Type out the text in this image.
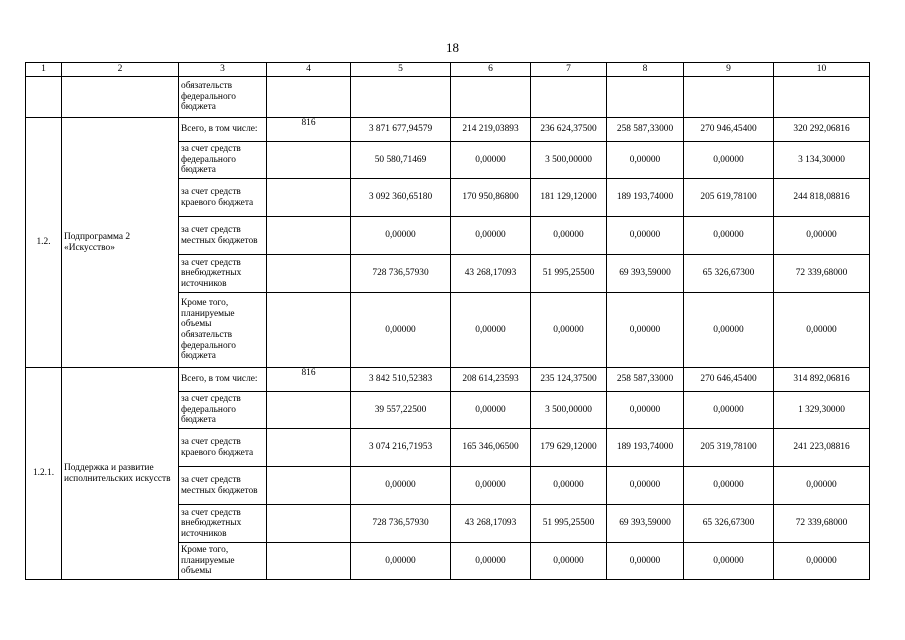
18
1	2	3	4	5	6	7	8	9	10
		обязательств федерального бюджета							
1.2.	Подпрограмма 2 «Искусство»	Всего, в том числе:	816	3 871 677,94579	214 219,03893	236 624,37500	258 587,33000	270 946,45400	320 292,06816
		за счет средств федерального бюджета		50 580,71469	0,00000	3 500,00000	0,00000	0,00000	3 134,30000
		за счет средств краевого бюджета		3 092 360,65180	170 950,86800	181 129,12000	189 193,74000	205 619,78100	244 818,08816
		за счет средств местных бюджетов		0,00000	0,00000	0,00000	0,00000	0,00000	0,00000
		за счет средств внебюджетных источников		728 736,57930	43 268,17093	51 995,25500	69 393,59000	65 326,67300	72 339,68000
		Кроме того, планируемые объемы обязательств федерального бюджета		0,00000	0,00000	0,00000	0,00000	0,00000	0,00000
1.2.1.	Поддержка и развитие исполнительских искусств	Всего, в том числе:	816	3 842 510,52383	208 614,23593	235 124,37500	258 587,33000	270 646,45400	314 892,06816
		за счет средств федерального бюджета		39 557,22500	0,00000	3 500,00000	0,00000	0,00000	1 329,30000
		за счет средств краевого бюджета		3 074 216,71953	165 346,06500	179 629,12000	189 193,74000	205 319,78100	241 223,08816
		за счет средств местных бюджетов		0,00000	0,00000	0,00000	0,00000	0,00000	0,00000
		за счет средств внебюджетных источников		728 736,57930	43 268,17093	51 995,25500	69 393,59000	65 326,67300	72 339,68000
		Кроме того, планируемые объемы		0,00000	0,00000	0,00000	0,00000	0,00000	0,00000
